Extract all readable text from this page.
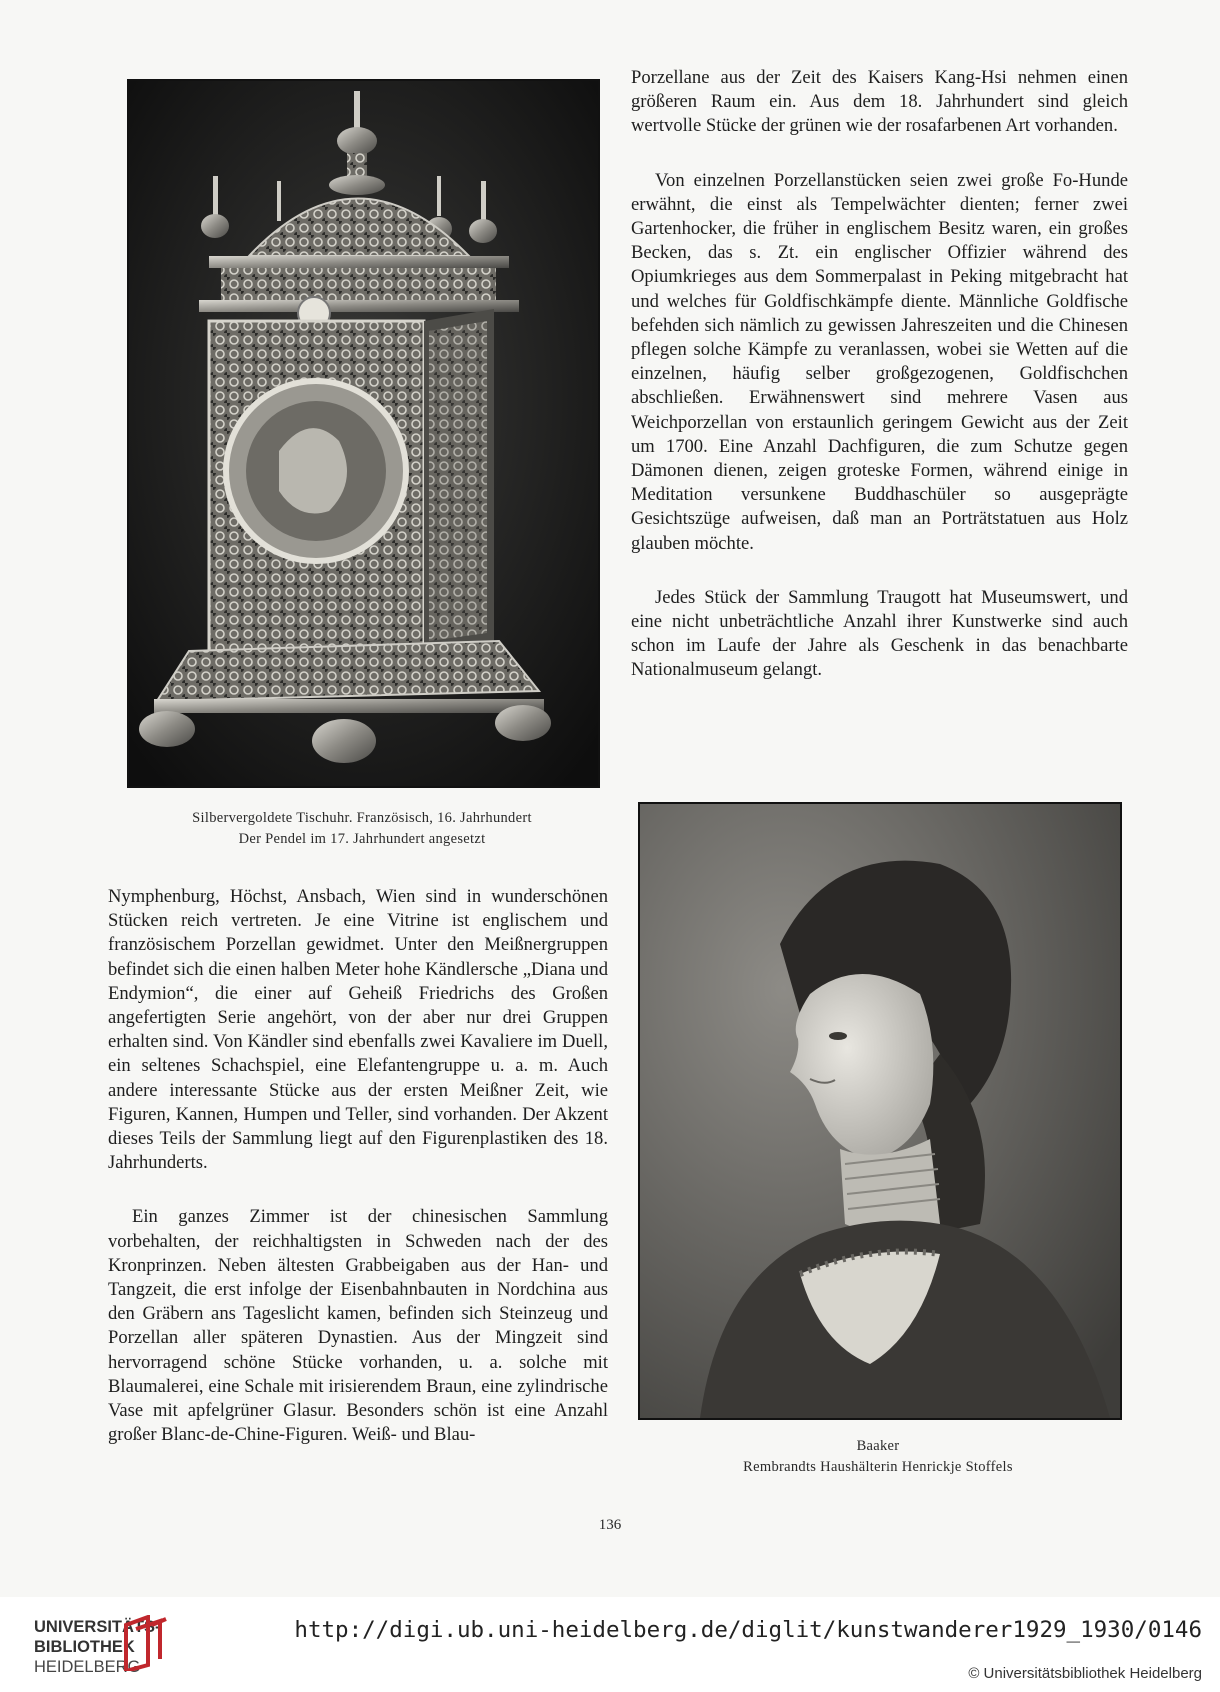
Silbervergoldete Tischuhr. Französisch, 16. Jahrhundert
Der Pendel im 17. Jahrhundert angesetzt

Porzellane aus der Zeit des Kaisers Kang-Hsi nehmen einen größeren Raum ein. Aus dem 18. Jahrhundert sind gleich wertvolle Stücke der grünen wie der rosafarbenen Art vorhanden.

Von einzelnen Porzellanstücken seien zwei große Fo-Hunde erwähnt, die einst als Tempelwächter dienten; ferner zwei Gartenhocker, die früher in englischem Besitz waren, ein großes Becken, das s. Zt. ein englischer Offizier während des Opiumkrieges aus dem Sommerpalast in Peking mitgebracht hat und welches für Goldfischkämpfe diente. Männliche Goldfische befehden sich nämlich zu gewissen Jahreszeiten und die Chinesen pflegen solche Kämpfe zu veranlassen, wobei sie Wetten auf die einzelnen, häufig selber großgezogenen, Goldfischchen abschließen. Erwähnenswert sind mehrere Vasen aus Weichporzellan von erstaunlich geringem Gewicht aus der Zeit um 1700. Eine Anzahl Dachfiguren, die zum Schutze gegen Dämonen dienen, zeigen groteske Formen, während einige in Meditation versunkene Buddhaschüler so ausgeprägte Gesichtszüge aufweisen, daß man an Porträtstatuen aus Holz glauben möchte.

Jedes Stück der Sammlung Traugott hat Museumswert, und eine nicht unbeträchtliche Anzahl ihrer Kunstwerke sind auch schon im Laufe der Jahre als Geschenk in das benachbarte Nationalmuseum gelangt.

Baaker
Rembrandts Haushälterin Henrickje Stoffels

Nymphenburg, Höchst, Ansbach, Wien sind in wunderschönen Stücken reich vertreten. Je eine Vitrine ist englischem und französischem Porzellan gewidmet. Unter den Meißnergruppen befindet sich die einen halben Meter hohe Kändlersche „Diana und Endymion“, die einer auf Geheiß Friedrichs des Großen angefertigten Serie angehört, von der aber nur drei Gruppen erhalten sind. Von Kändler sind ebenfalls zwei Kavaliere im Duell, ein seltenes Schachspiel, eine Elefantengruppe u. a. m. Auch andere interessante Stücke aus der ersten Meißner Zeit, wie Figuren, Kannen, Humpen und Teller, sind vorhanden. Der Akzent dieses Teils der Sammlung liegt auf den Figurenplastiken des 18. Jahrhunderts.

Ein ganzes Zimmer ist der chinesischen Sammlung vorbehalten, der reichhaltigsten in Schweden nach der des Kronprinzen. Neben ältesten Grabbeigaben aus der Han- und Tangzeit, die erst infolge der Eisenbahnbauten in Nordchina aus den Gräbern ans Tageslicht kamen, befinden sich Steinzeug und Porzellan aller späteren Dynastien. Aus der Mingzeit sind hervorragend schöne Stücke vorhanden, u. a. solche mit Blaumalerei, eine Schale mit irisierendem Braun, eine zylindrische Vase mit apfelgrüner Glasur. Besonders schön ist eine Anzahl großer Blanc-de-Chine-Figuren. Weiß- und Blau-

136
UNIVERSITÄTS-
BIBLIOTHEK
HEIDELBERG
http://digi.ub.uni-heidelberg.de/diglit/kunstwanderer1929_1930/0146
© Universitätsbibliothek Heidelberg
